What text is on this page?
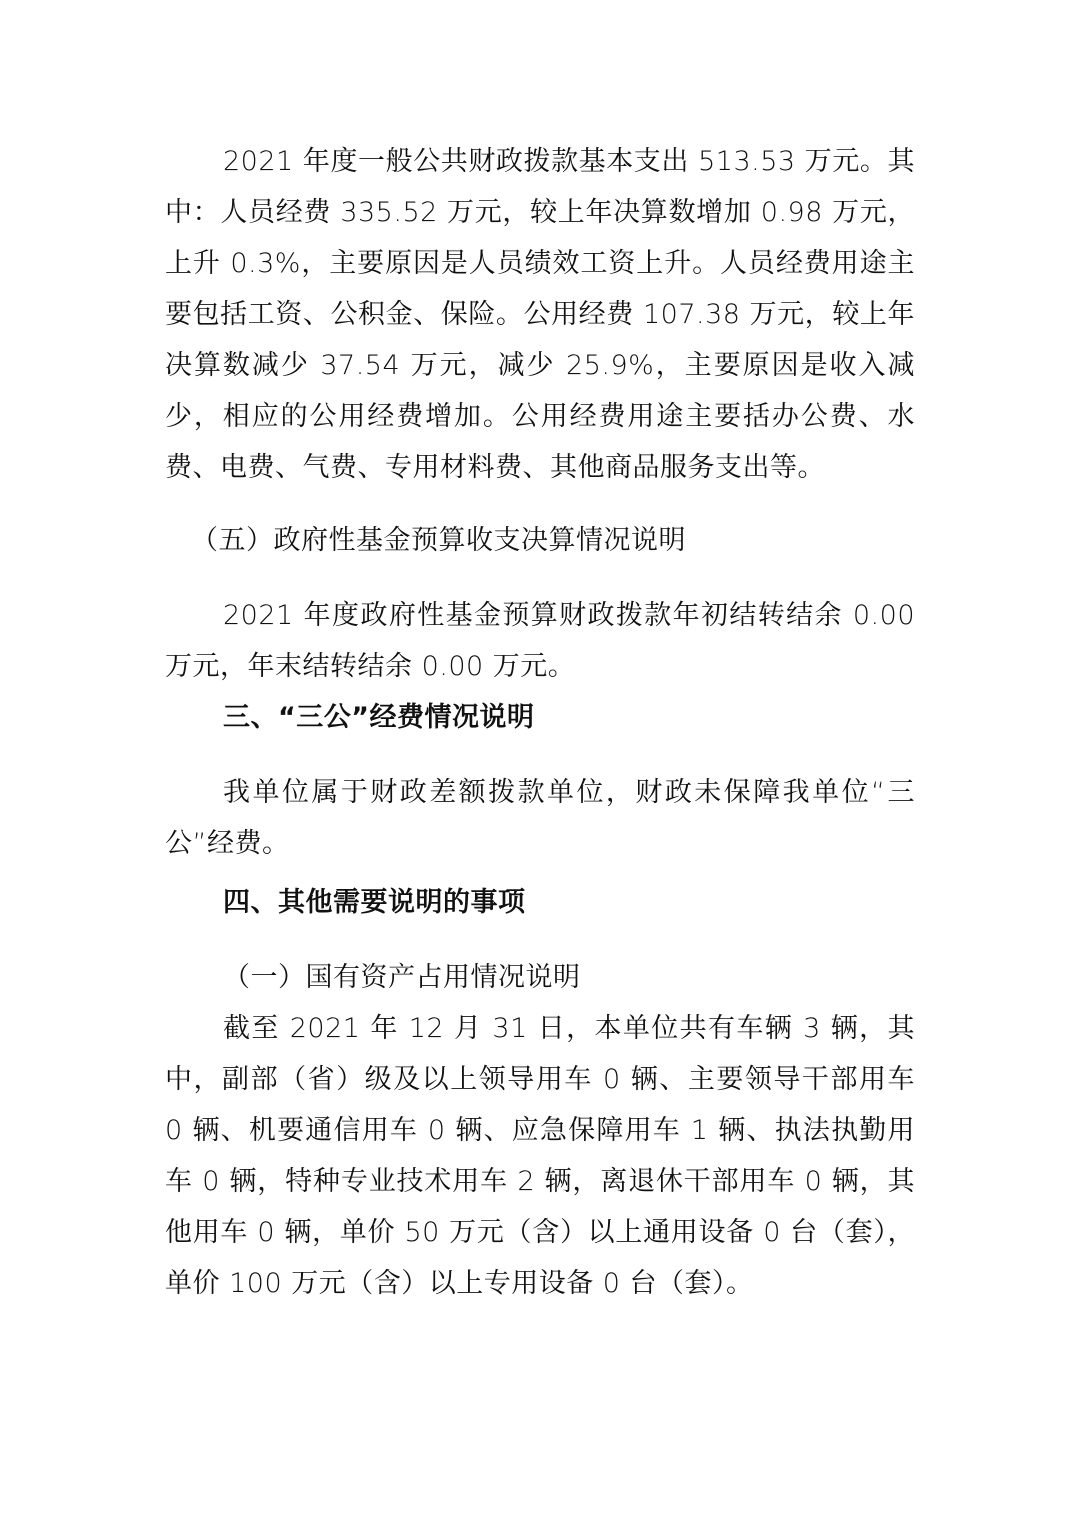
2021 年度一般公共财政拨款基本支出 513.53 万元。其中：人员经费 335.52 万元，较上年决算数增加 0.98 万元，上升 0.3%，主要原因是人员绩效工资上升。人员经费用途主要包括工资、公积金、保险。公用经费 107.38 万元，较上年决算数减少 37.54 万元，减少 25.9%，主要原因是收入减少，相应的公用经费增加。公用经费用途主要括办公费、水费、电费、气费、专用材料费、其他商品服务支出等。

（五）政府性基金预算收支决算情况说明

2021 年度政府性基金预算财政拨款年初结转结余 0.00 万元，年末结转结余 0.00 万元。

三、“三公”经费情况说明

我单位属于财政差额拨款单位，财政未保障我单位“三公”经费。

四、其他需要说明的事项

（一）国有资产占用情况说明

截至 2021 年 12 月 31 日，本单位共有车辆 3 辆，其中，副部（省）级及以上领导用车 0 辆、主要领导干部用车 0 辆、机要通信用车 0 辆、应急保障用车 1 辆、执法执勤用车 0 辆，特种专业技术用车 2 辆，离退休干部用车 0 辆，其他用车 0 辆，单价 50 万元（含）以上通用设备 0 台（套），单价 100 万元（含）以上专用设备 0 台（套）。
